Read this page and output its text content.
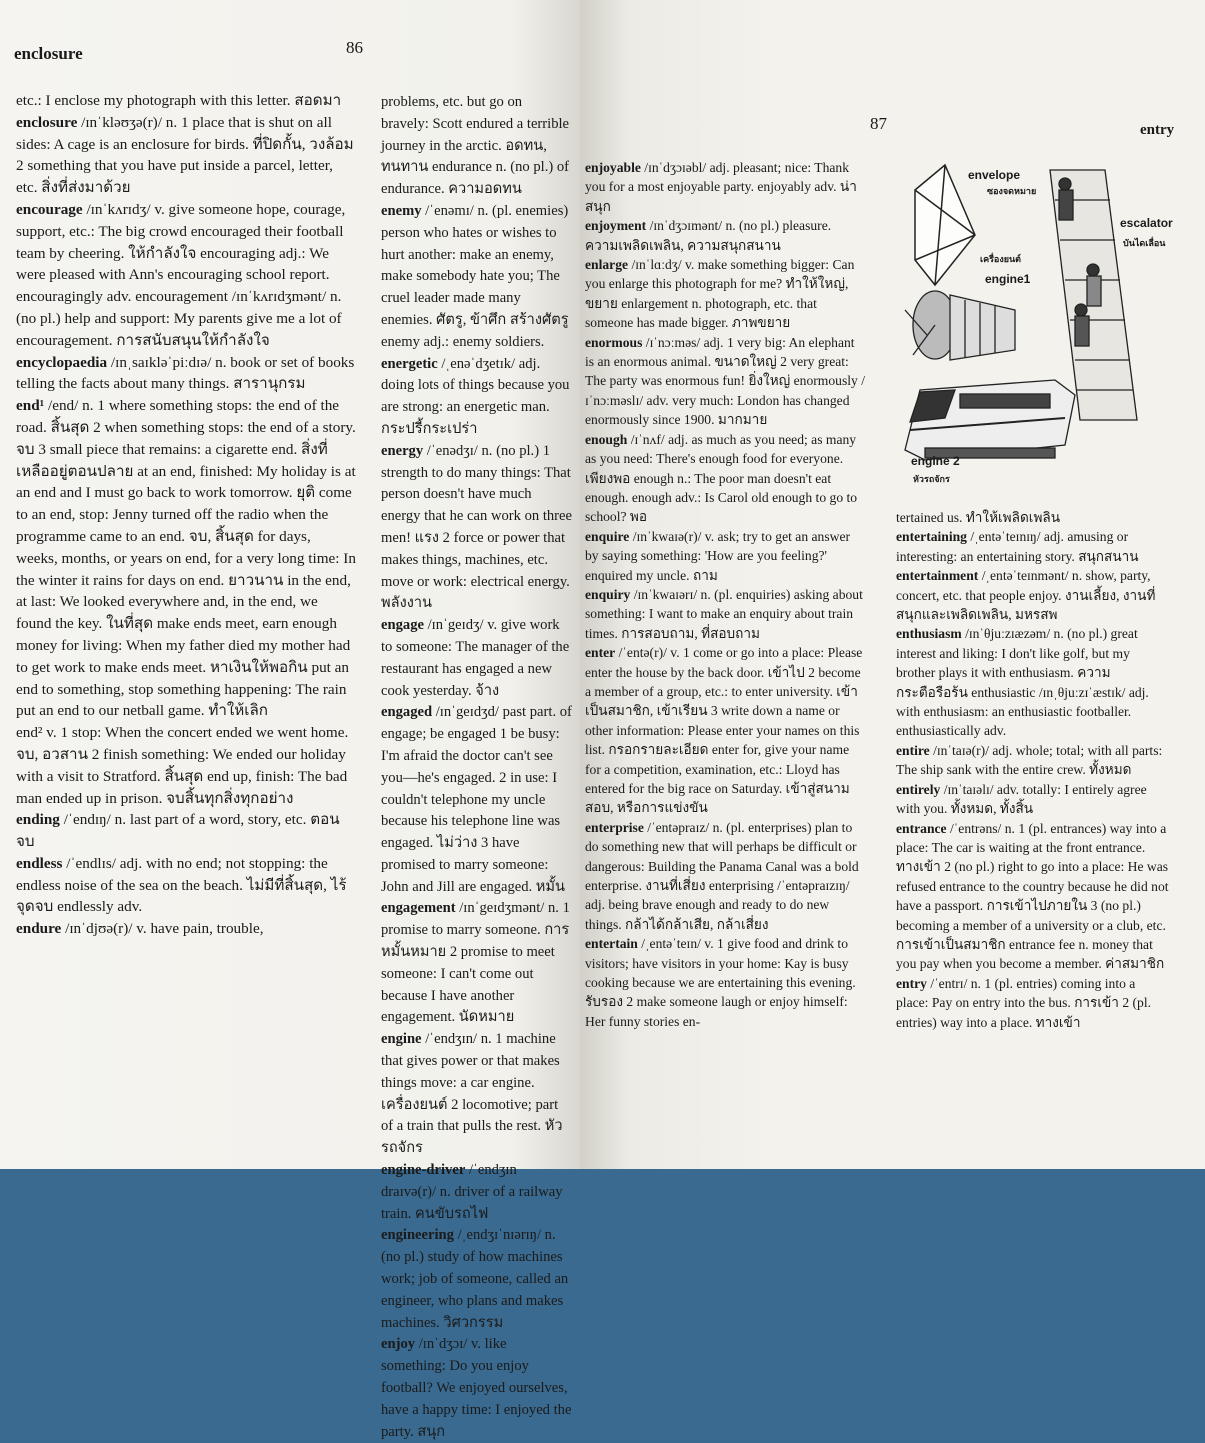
enclosure	86

etc.: I enclose my photograph with this letter. สอดมา

enclosure /ɪnˈkləʊʒə(r)/ n. 1 place that is shut on all sides: A cage is an enclosure for birds. ที่ปิดกั้น, วงล้อม 2 something that you have put inside a parcel, letter, etc. สิ่งที่ส่งมาด้วย

encourage /ɪnˈkʌrɪdʒ/ v. give someone hope, courage, support, etc.: The big crowd encouraged their football team by cheering. ให้กำลังใจ encouraging adj.: We were pleased with Ann's encouraging school report. encouragingly adv. encouragement /ɪnˈkʌrɪdʒmənt/ n. (no pl.) help and support: My parents give me a lot of encouragement. การสนับสนุนให้กำลังใจ

encyclopaedia /ɪnˌsaɪkləˈpiːdɪə/ n. book or set of books telling the facts about many things. สารานุกรม

end¹ /end/ n. 1 where something stops: the end of the road. สิ้นสุด 2 when something stops: the end of a story. จบ 3 small piece that remains: a cigarette end. สิ่งที่เหลืออยู่ตอนปลาย at an end, finished: My holiday is at an end and I must go back to work tomorrow. ยุติ come to an end, stop: Jenny turned off the radio when the programme came to an end. จบ, สิ้นสุด for days, weeks, months, or years on end, for a very long time: In the winter it rains for days on end. ยาวนาน in the end, at last: We looked everywhere and, in the end, we found the key. ในที่สุด make ends meet, earn enough money for living: When my father died my mother had to get work to make ends meet. หาเงินให้พอกิน put an end to something, stop something happening: The rain put an end to our netball game. ทำให้เลิก

end² v. 1 stop: When the concert ended we went home. จบ, อวสาน 2 finish something: We ended our holiday with a visit to Stratford. สิ้นสุด end up, finish: The bad man ended up in prison. จบสิ้นทุกสิ่งทุกอย่าง

ending /ˈendɪŋ/ n. last part of a word, story, etc. ตอนจบ

endless /ˈendlɪs/ adj. with no end; not stopping: the endless noise of the sea on the beach. ไม่มีที่สิ้นสุด, ไร้จุดจบ endlessly adv.

endure /ɪnˈdjʊə(r)/ v. have pain, trouble,

problems, etc. but go on bravely: Scott endured a terrible journey in the arctic. อดทน, ทนทาน endurance n. (no pl.) of endurance. ความอดทน

enemy /ˈenəmɪ/ n. (pl. enemies) person who hates or wishes to hurt another: make an enemy, make somebody hate you; The cruel leader made many enemies. ศัตรู, ข้าศึก สร้างศัตรู enemy adj.: enemy soldiers.

energetic /ˌenəˈdʒetɪk/ adj. doing lots of things because you are strong: an energetic man. กระปรี้กระเปร่า

energy /ˈenədʒɪ/ n. (no pl.) 1 strength to do many things: That person doesn't have much energy that he can work on three men! แรง 2 force or power that makes things, machines, etc. move or work: electrical energy. พลังงาน

engage /ɪnˈgeɪdʒ/ v. give work to someone: The manager of the restaurant has engaged a new cook yesterday. จ้าง

engaged /ɪnˈgeɪdʒd/ past part. of engage; be engaged 1 be busy: I'm afraid the doctor can't see you—he's engaged. 2 in use: I couldn't telephone my uncle because his telephone line was engaged. ไม่ว่าง 3 have promised to marry someone: John and Jill are engaged. หมั้น

engagement /ɪnˈgeɪdʒmənt/ n. 1 promise to marry someone. การหมั้นหมาย 2 promise to meet someone: I can't come out because I have another engagement. นัดหมาย

engine /ˈendʒɪn/ n. 1 machine that gives power or that makes things move: a car engine. เครื่องยนต์ 2 locomotive; part of a train that pulls the rest. หัวรถจักร

engine-driver /ˈendʒɪn draɪvə(r)/ n. driver of a railway train. คนขับรถไฟ

engineering /ˌendʒɪˈnɪərɪŋ/ n. (no pl.) study of how machines work; job of someone, called an engineer, who plans and makes machines. วิศวกรรม

enjoy /ɪnˈdʒɔɪ/ v. like something: Do you enjoy football? We enjoyed ourselves, have a happy time: I enjoyed the party. สนุก

87	entry

enjoyable /ɪnˈdʒɔɪəbl/ adj. pleasant; nice: Thank you for a most enjoyable party. enjoyably adv. น่าสนุก

enjoyment /ɪnˈdʒɔɪmənt/ n. (no pl.) pleasure. ความเพลิดเพลิน, ความสนุกสนาน

enlarge /ɪnˈlɑːdʒ/ v. make something bigger: Can you enlarge this photograph for me? ทำให้ใหญ่, ขยาย enlargement n. photograph, etc. that someone has made bigger. ภาพขยาย

enormous /ɪˈnɔːməs/ adj. 1 very big: An elephant is an enormous animal. ขนาดใหญ่ 2 very great: The party was enormous fun! ยิ่งใหญ่ enormously /ɪˈnɔːməslɪ/ adv. very much: London has changed enormously since 1900. มากมาย

enough /ɪˈnʌf/ adj. as much as you need; as many as you need: There's enough food for everyone. เพียงพอ enough n.: The poor man doesn't eat enough. enough adv.: Is Carol old enough to go to school? พอ

enquire /ɪnˈkwaɪə(r)/ v. ask; try to get an answer by saying something: 'How are you feeling?' enquired my uncle. ถาม

enquiry /ɪnˈkwaɪərɪ/ n. (pl. enquiries) asking about something: I want to make an enquiry about train times. การสอบถาม, ที่สอบถาม

enter /ˈentə(r)/ v. 1 come or go into a place: Please enter the house by the back door. เข้าไป 2 become a member of a group, etc.: to enter university. เข้าเป็นสมาชิก, เข้าเรียน 3 write down a name or other information: Please enter your names on this list. กรอกรายละเอียด enter for, give your name for a competition, examination, etc.: Lloyd has entered for the big race on Saturday. เข้าสู่สนามสอบ, หรือการแข่งขัน

enterprise /ˈentəpraɪz/ n. (pl. enterprises) plan to do something new that will perhaps be difficult or dangerous: Building the Panama Canal was a bold enterprise. งานที่เสี่ยง enterprising /ˈentəpraɪzɪŋ/ adj. being brave enough and ready to do new things. กล้าได้กล้าเสีย, กล้าเสี่ยง

entertain /ˌentəˈteɪn/ v. 1 give food and drink to visitors; have visitors in your home: Kay is busy cooking because we are entertaining this evening. รับรอง 2 make someone laugh or enjoy himself: Her funny stories en-

envelope
ซองจดหมาย
escalator
บันไดเลื่อน
เครื่องยนต์
engine1
engine 2
หัวรถจักร

tertained us. ทำให้เพลิดเพลิน

entertaining /ˌentəˈteɪnɪŋ/ adj. amusing or interesting: an entertaining story. สนุกสนาน

entertainment /ˌentəˈteɪnmənt/ n. show, party, concert, etc. that people enjoy. งานเลี้ยง, งานที่สนุกและเพลิดเพลิน, มหรสพ

enthusiasm /ɪnˈθjuːzɪæzəm/ n. (no pl.) great interest and liking: I don't like golf, but my brother plays it with enthusiasm. ความกระตือรือร้น enthusiastic /ɪnˌθjuːzɪˈæstɪk/ adj. with enthusiasm: an enthusiastic footballer. enthusiastically adv.

entire /ɪnˈtaɪə(r)/ adj. whole; total; with all parts: The ship sank with the entire crew. ทั้งหมด

entirely /ɪnˈtaɪəlɪ/ adv. totally: I entirely agree with you. ทั้งหมด, ทั้งสิ้น

entrance /ˈentrəns/ n. 1 (pl. entrances) way into a place: The car is waiting at the front entrance. ทางเข้า 2 (no pl.) right to go into a place: He was refused entrance to the country because he did not have a passport. การเข้าไปภายใน 3 (no pl.) becoming a member of a university or a club, etc. การเข้าเป็นสมาชิก entrance fee n. money that you pay when you become a member. ค่าสมาชิก

entry /ˈentrɪ/ n. 1 (pl. entries) coming into a place: Pay on entry into the bus. การเข้า 2 (pl. entries) way into a place. ทางเข้า
